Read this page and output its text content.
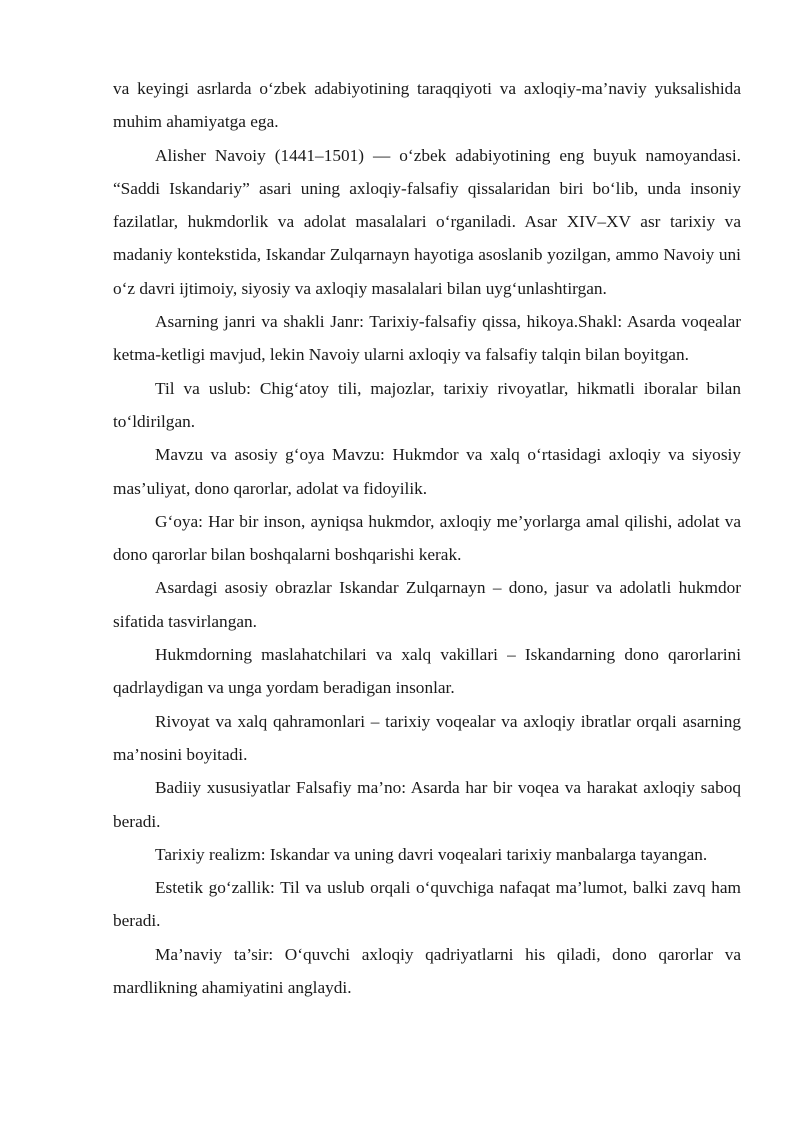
va keyingi asrlarda o‘zbek adabiyotining taraqqiyoti va axloqiy-ma’naviy yuksalishida muhim ahamiyatga ega.

Alisher Navoiy (1441–1501) — o‘zbek adabiyotining eng buyuk namoyandasi. “Saddi Iskandariy” asari uning axloqiy-falsafiy qissalaridan biri bo‘lib, unda insoniy fazilatlar, hukmdorlik va adolat masalalari o‘rganiladi. Asar XIV–XV asr tarixiy va madaniy kontekstida, Iskandar Zulqarnayn hayotiga asoslanib yozilgan, ammo Navoiy uni o‘z davri ijtimoiy, siyosiy va axloqiy masalalari bilan uyg‘unlashtirgan.

Asarning janri va shakli Janr: Tarixiy-falsafiy qissa, hikoya.Shakl: Asarda voqealar ketma-ketligi mavjud, lekin Navoiy ularni axloqiy va falsafiy talqin bilan boyitgan.

Til va uslub: Chig‘atoy tili, majozlar, tarixiy rivoyatlar, hikmatli iboralar bilan to‘ldirilgan.

Mavzu va asosiy g‘oya Mavzu: Hukmdor va xalq o‘rtasidagi axloqiy va siyosiy mas’uliyat, dono qarorlar, adolat va fidoyilik.

G‘oya: Har bir inson, ayniqsa hukmdor, axloqiy me’yorlarga amal qilishi, adolat va dono qarorlar bilan boshqalarni boshqarishi kerak.

Asardagi asosiy obrazlar Iskandar Zulqarnayn – dono, jasur va adolatli hukmdor sifatida tasvirlangan.

Hukmdorning maslahatchilari va xalq vakillari – Iskandarning dono qarorlarini qadrlaydigan va unga yordam beradigan insonlar.

Rivoyat va xalq qahramonlari – tarixiy voqealar va axloqiy ibratlar orqali asarning ma’nosini boyitadi.

Badiiy xususiyatlar Falsafiy ma’no: Asarda har bir voqea va harakat axloqiy saboq beradi.

Tarixiy realizm: Iskandar va uning davri voqealari tarixiy manbalarga tayangan.

Estetik go‘zallik: Til va uslub orqali o‘quvchiga nafaqat ma’lumot, balki zavq ham beradi.

Ma’naviy ta’sir: O‘quvchi axloqiy qadriyatlarni his qiladi, dono qarorlar va mardlikning ahamiyatini anglaydi.
